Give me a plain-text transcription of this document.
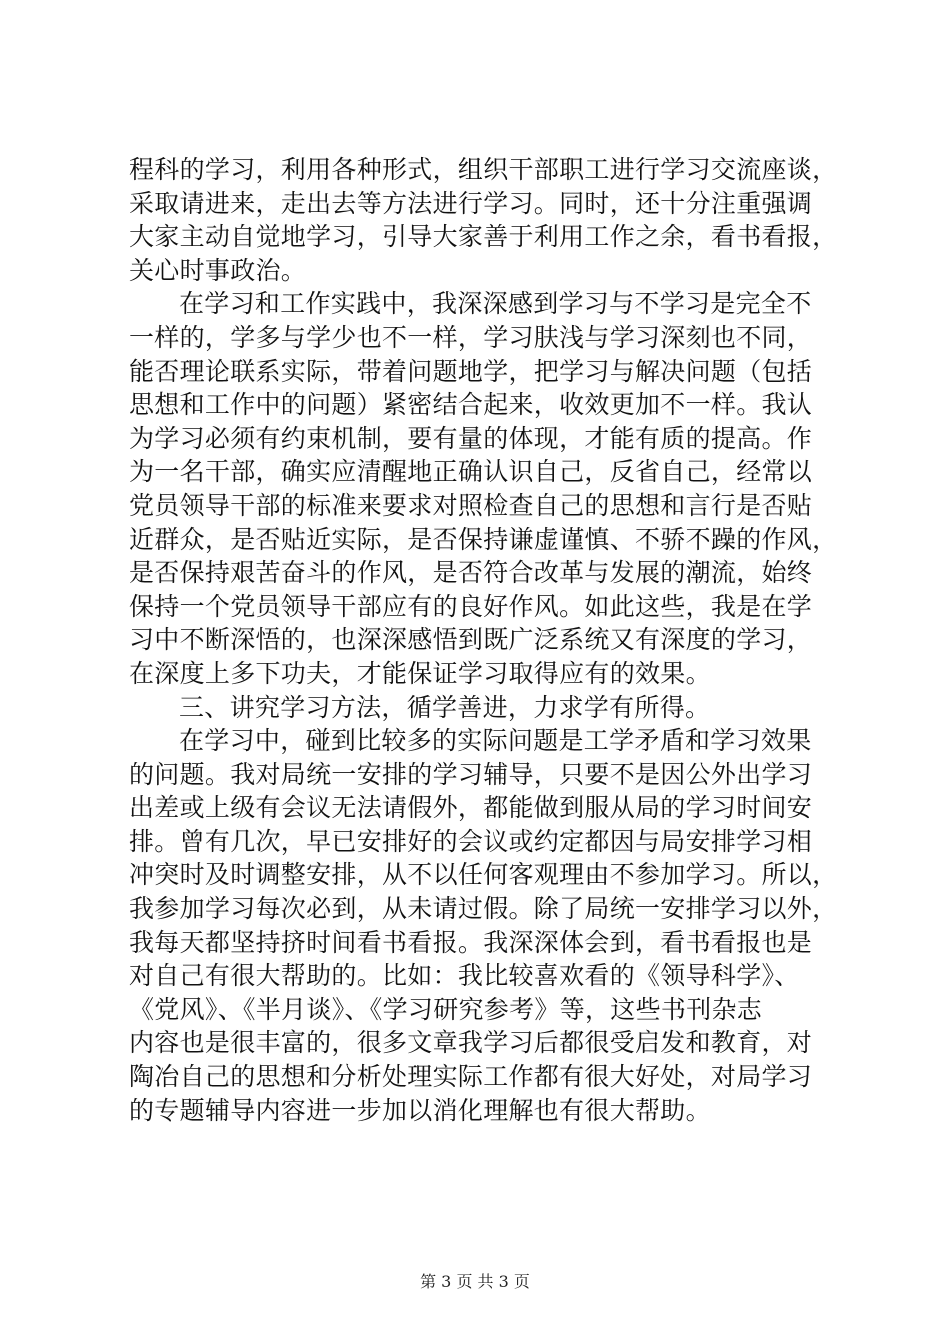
程科的学习，利用各种形式，组织干部职工进行学习交流座谈，
采取请进来，走出去等方法进行学习。同时，还十分注重强调
大家主动自觉地学习，引导大家善于利用工作之余，看书看报，
关心时事政治。
在学习和工作实践中，我深深感到学习与不学习是完全不
一样的，学多与学少也不一样，学习肤浅与学习深刻也不同，
能否理论联系实际，带着问题地学，把学习与解决问题（包括
思想和工作中的问题）紧密结合起来，收效更加不一样。我认
为学习必须有约束机制，要有量的体现，才能有质的提高。作
为一名干部，确实应清醒地正确认识自己，反省自己，经常以
党员领导干部的标准来要求对照检查自己的思想和言行是否贴
近群众，是否贴近实际，是否保持谦虚谨慎、不骄不躁的作风，
是否保持艰苦奋斗的作风，是否符合改革与发展的潮流，始终
保持一个党员领导干部应有的良好作风。如此这些，我是在学
习中不断深悟的，也深深感悟到既广泛系统又有深度的学习，
在深度上多下功夫，才能保证学习取得应有的效果。
三、讲究学习方法，循学善进，力求学有所得。
在学习中，碰到比较多的实际问题是工学矛盾和学习效果
的问题。我对局统一安排的学习辅导，只要不是因公外出学习
出差或上级有会议无法请假外，都能做到服从局的学习时间安
排。曾有几次，早已安排好的会议或约定都因与局安排学习相
冲突时及时调整安排，从不以任何客观理由不参加学习。所以，
我参加学习每次必到，从未请过假。除了局统一安排学习以外，
我每天都坚持挤时间看书看报。我深深体会到，看书看报也是
对自己有很大帮助的。比如：我比较喜欢看的《领导科学》、
《党风》、《半月谈》、《学习研究参考》等，这些书刊杂志
内容也是很丰富的，很多文章我学习后都很受启发和教育，对
陶冶自己的思想和分析处理实际工作都有很大好处，对局学习
的专题辅导内容进一步加以消化理解也有很大帮助。
第 3 页 共 3 页
